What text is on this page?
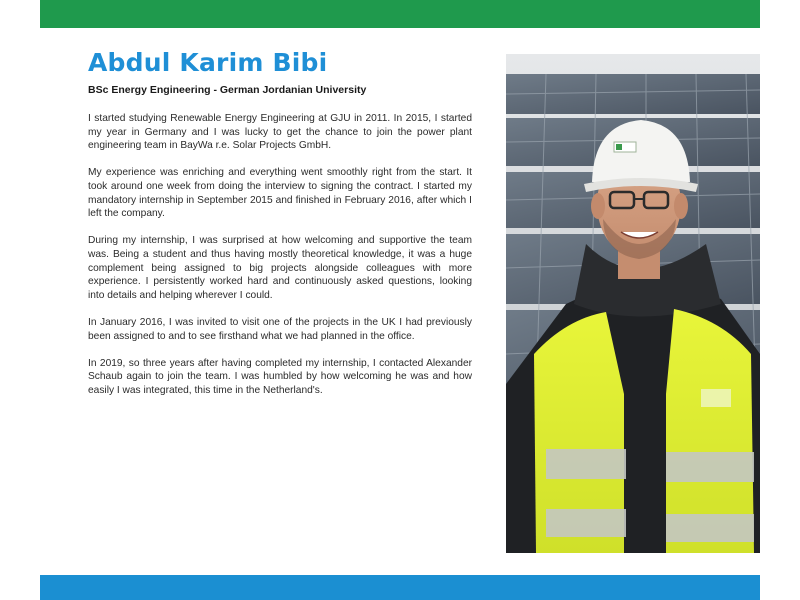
Abdul Karim Bibi
BSc Energy Engineering - German Jordanian University

I started studying Renewable Energy Engineering at GJU in 2011. In 2015, I started my year in Germany and I was lucky to get the chance to join the power plant engineering team in BayWa r.e. Solar Projects GmbH.

My experience was enriching and everything went smoothly right from the start. It took around one week from doing the interview to signing the contract. I started my mandatory internship in September 2015 and finished in February 2016, after which I left the company.

During my internship, I was surprised at how welcoming and supportive the team was. Being a student and thus having mostly theoretical knowledge, it was a huge complement being assigned to big projects alongside colleagues with more experience. I persistently worked hard and continuously asked questions, looking into details and helping wherever I could.

In January 2016, I was invited to visit one of the projects in the UK I had previously been assigned to and to see firsthand what we had planned in the office.

In 2019, so three years after having completed my internship, I contacted Alexander Schaub again to join the team. I was humbled by how welcoming he was and how easily I was integrated, this time in the Netherland's.
